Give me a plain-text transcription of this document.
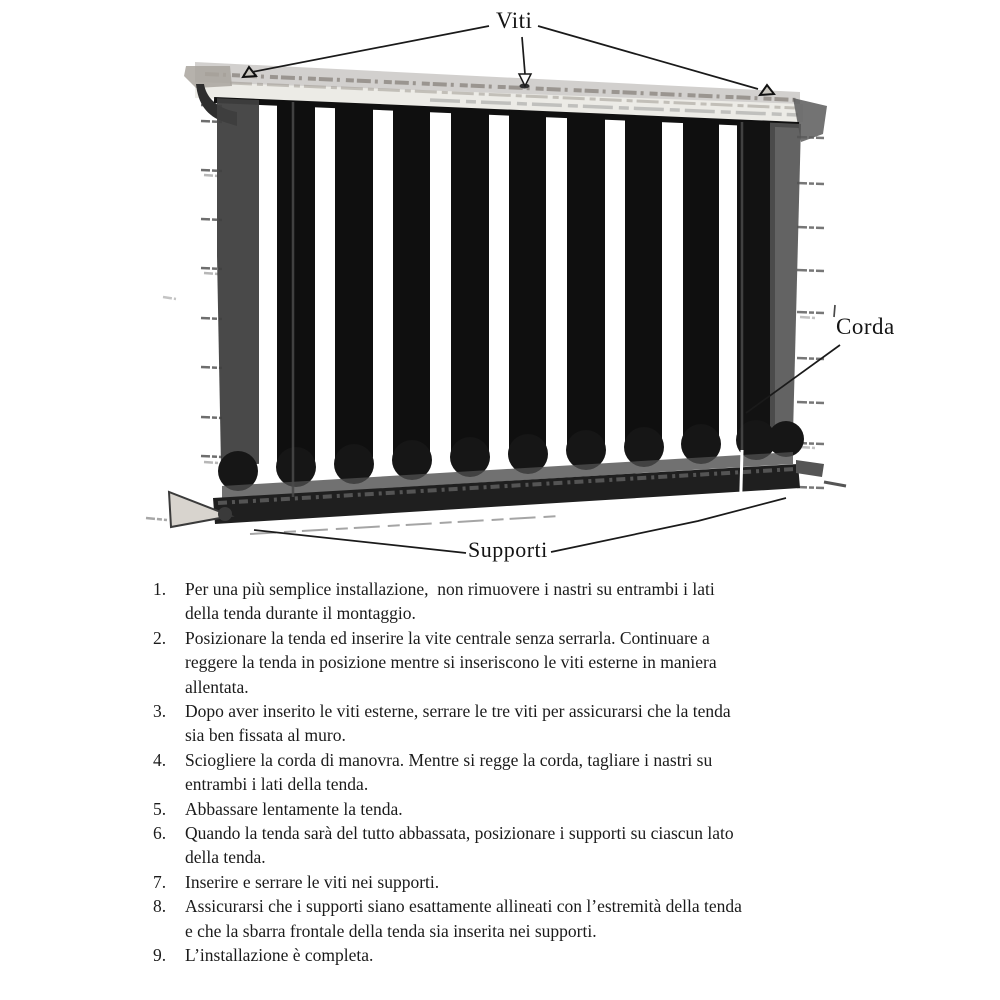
Viti
Corda
Supporti
1.	Per una più semplice installazione,  non rimuovere i nastri su entrambi i lati
della tenda durante il montaggio.
2.	Posizionare la tenda ed inserire la vite centrale senza serrarla. Continuare a
reggere la tenda in posizione mentre si inseriscono le viti esterne in maniera
allentata.
3.	Dopo aver inserito le viti esterne, serrare le tre viti per assicurarsi che la tenda
sia ben fissata al muro.
4.	Sciogliere la corda di manovra. Mentre si regge la corda, tagliare i nastri su
entrambi i lati della tenda.
5.	Abbassare lentamente la tenda.
6.	Quando la tenda sarà del tutto abbassata, posizionare i supporti su ciascun lato
della tenda.
7.	Inserire e serrare le viti nei supporti.
8.	Assicurarsi che i supporti siano esattamente allineati con l’estremità della tenda
e che la sbarra frontale della tenda sia inserita nei supporti.
9.	L’installazione è completa.
